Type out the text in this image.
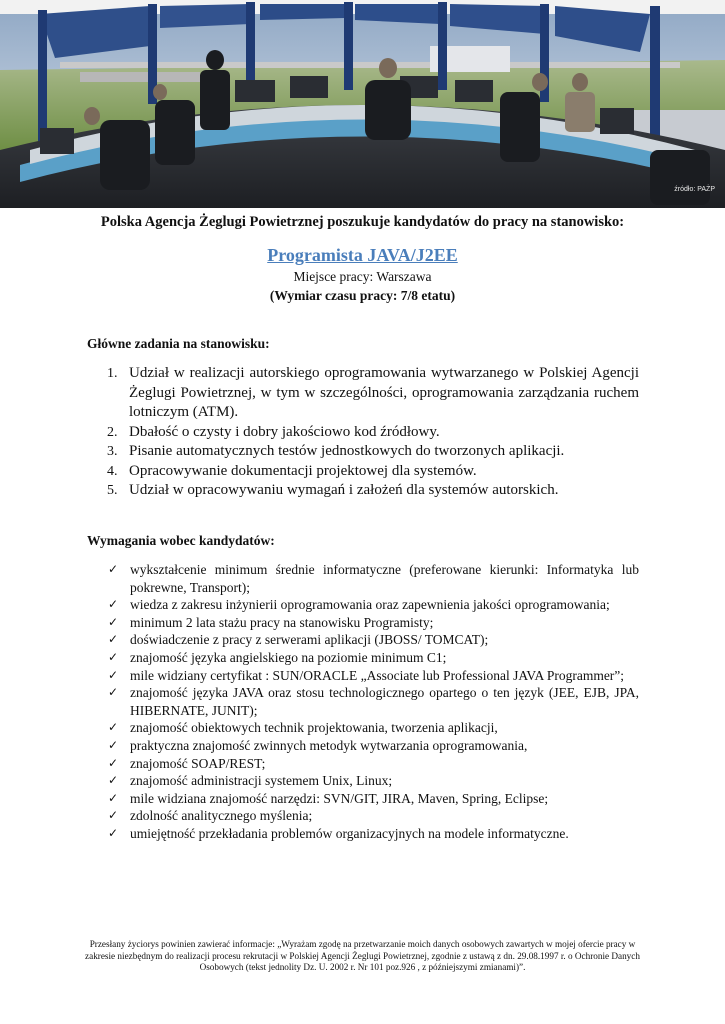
źródło: PAŻP
Polska Agencja Żeglugi Powietrznej poszukuje kandydatów do pracy na stanowisko:
Programista JAVA/J2EE
Miejsce pracy: Warszawa
(Wymiar czasu pracy: 7/8 etatu)
Główne zadania na stanowisku:
1. Udział w realizacji autorskiego oprogramowania wytwarzanego w Polskiej Agencji Żeglugi Powietrznej, w tym w szczególności, oprogramowania zarządzania ruchem lotniczym (ATM).
2. Dbałość o czysty i dobry jakościowo kod źródłowy.
3. Pisanie automatycznych testów jednostkowych do tworzonych aplikacji.
4. Opracowywanie dokumentacji projektowej dla systemów.
5. Udział w opracowywaniu wymagań i założeń dla systemów autorskich.
Wymagania wobec kandydatów:
✓ wykształcenie minimum średnie informatyczne (preferowane kierunki: Informatyka lub pokrewne, Transport);
✓ wiedza z zakresu inżynierii oprogramowania oraz zapewnienia jakości oprogramowania;
✓ minimum 2 lata stażu pracy na stanowisku Programisty;
✓ doświadczenie z pracy z serwerami aplikacji (JBOSS/ TOMCAT);
✓ znajomość języka angielskiego na poziomie minimum C1;
✓ mile widziany certyfikat : SUN/ORACLE „Associate lub Professional JAVA Programmer”;
✓ znajomość języka JAVA oraz stosu technologicznego opartego o ten język (JEE, EJB, JPA, HIBERNATE, JUNIT);
✓ znajomość obiektowych technik projektowania, tworzenia aplikacji,
✓ praktyczna znajomość zwinnych metodyk wytwarzania oprogramowania,
✓ znajomość SOAP/REST;
✓ znajomość administracji systemem Unix, Linux;
✓ mile widziana znajomość narzędzi: SVN/GIT, JIRA, Maven, Spring, Eclipse;
✓ zdolność analitycznego myślenia;
✓ umiejętność przekładania problemów organizacyjnych na modele informatyczne.
Przesłany życiorys powinien zawierać informacje: „Wyrażam zgodę na przetwarzanie moich danych osobowych zawartych w mojej ofercie pracy w zakresie niezbędnym do realizacji procesu rekrutacji w Polskiej Agencji Żeglugi Powietrznej, zgodnie z ustawą z dn. 29.08.1997 r. o Ochronie Danych Osobowych (tekst jednolity Dz. U. 2002 r. Nr 101 poz.926 , z późniejszymi zmianami)”.
